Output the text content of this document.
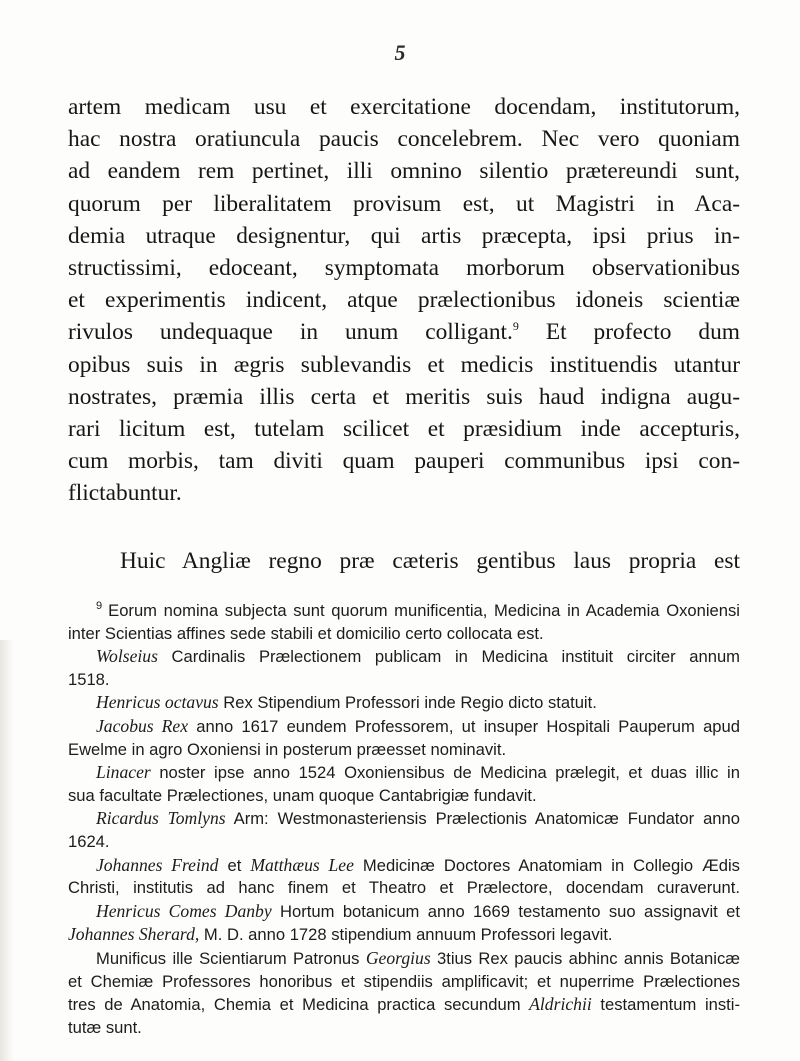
5
artem medicam usu et exercitatione docendam, institutorum,
hac nostra oratiuncula paucis concelebrem. Nec vero quoniam
ad eandem rem pertinet, illi omnino silentio prætereundi sunt,
quorum per liberalitatem provisum est, ut Magistri in Aca-
demia utraque designentur, qui artis præcepta, ipsi prius in-
structissimi, edoceant, symptomata morborum observationibus
et experimentis indicent, atque prælectionibus idoneis scientiæ
rivulos undequaque in unum colligant.$^9$ Et profecto dum
opibus suis in ægris sublevandis et medicis instituendis utantur
nostrates, præmia illis certa et meritis suis haud indigna augu-
rari licitum est, tutelam scilicet et præsidium inde accepturis,
cum morbis, tam diviti quam pauperi communibus ipsi con-
flictabuntur.
Huic Angliæ regno præ cæteris gentibus laus propria est
$^9$ Eorum nomina subjecta sunt quorum munificentia, Medicina in Academia Oxoniensi
inter Scientias affines sede stabili et domicilio certo collocata est.
Wolseius Cardinalis Prælectionem publicam in Medicina instituit circiter annum
1518.
Henricus octavus Rex Stipendium Professori inde Regio dicto statuit.
Jacobus Rex anno 1617 eundem Professorem, ut insuper Hospitali Pauperum apud
Ewelme in agro Oxoniensi in posterum præesset nominavit.
Linacer noster ipse anno 1524 Oxoniensibus de Medicina prælegit, et duas illic in
sua facultate Prælectiones, unam quoque Cantabrigiæ fundavit.
Ricardus Tomlyns Arm: Westmonasteriensis Prælectionis Anatomicæ Fundator anno
1624.
Johannes Freind et Matthæus Lee Medicinæ Doctores Anatomiam in Collegio Ædis
Christi, institutis ad hanc finem et Theatro et Prælectore, docendam curaverunt.
Henricus Comes Danby Hortum botanicum anno 1669 testamento suo assignavit et
Johannes Sherard, M. D. anno 1728 stipendium annuum Professori legavit.
Munificus ille Scientiarum Patronus Georgius 3tius Rex paucis abhinc annis Botanicæ
et Chemiæ Professores honoribus et stipendiis amplificavit; et nuperrime Prælectiones
tres de Anatomia, Chemia et Medicina practica secundum Aldrichii testamentum insti-
tutæ sunt.
